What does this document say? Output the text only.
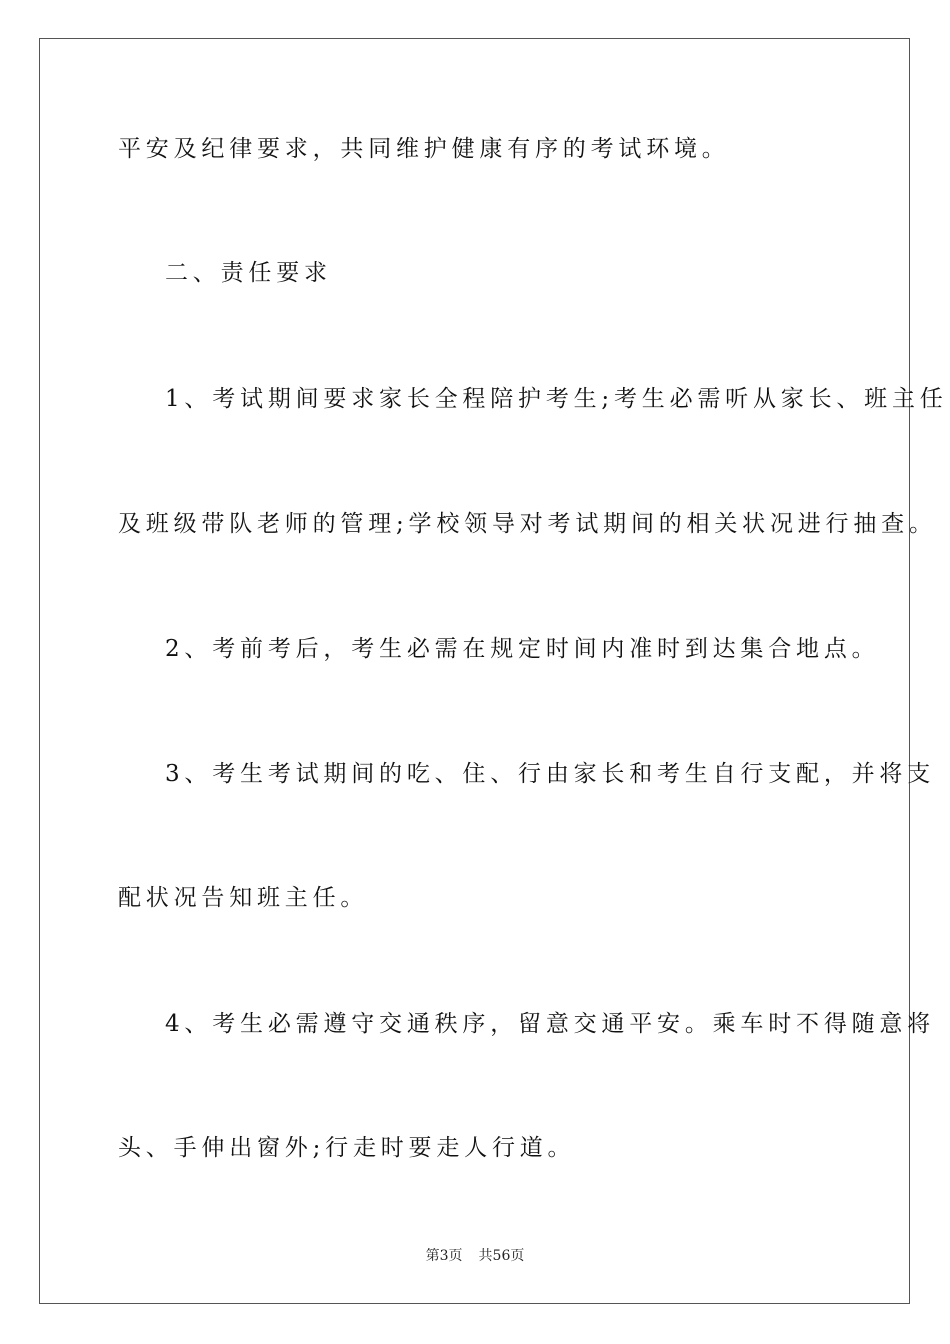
平安及纪律要求，共同维护健康有序的考试环境。
二、责任要求
1、考试期间要求家长全程陪护考生;考生必需听从家长、班主任
及班级带队老师的管理;学校领导对考试期间的相关状况进行抽查。
2、考前考后，考生必需在规定时间内准时到达集合地点。
3、考生考试期间的吃、住、行由家长和考生自行支配，并将支
配状况告知班主任。
4、考生必需遵守交通秩序，留意交通平安。乘车时不得随意将
头、手伸出窗外;行走时要走人行道。
第3页 共56页
